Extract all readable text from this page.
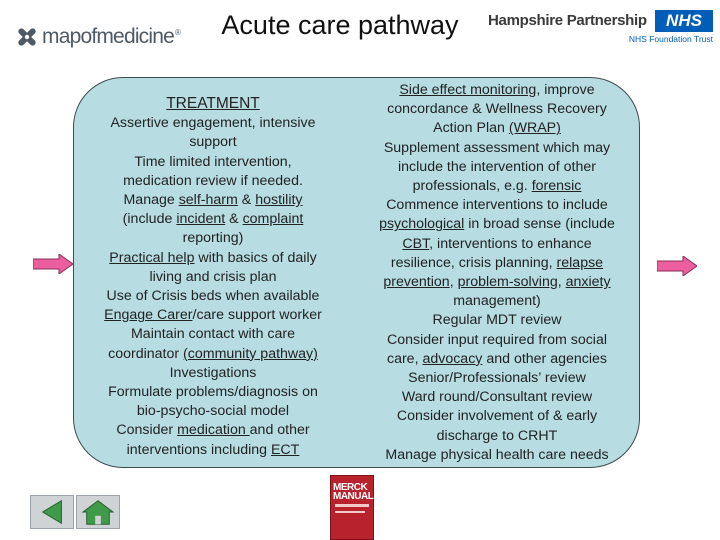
mapofmedicine®	Acute care pathway	Hampshire Partnership	NHS
NHS Foundation Trust
TREATMENT
Assertive engagement, intensive
support
Time limited intervention,
medication review if needed.
Manage self-harm & hostility
(include incident & complaint
reporting)
Practical help with basics of daily
living and crisis plan
Use of Crisis beds when available
Engage Carer/care support worker
Maintain contact with care
coordinator (community pathway)
Investigations
Formulate problems/diagnosis on
bio-psycho-social model
Consider medication and other
interventions including ECT
Side effect monitoring, improve
concordance & Wellness Recovery
Action Plan (WRAP)
Supplement assessment which may
include the intervention of other
professionals, e.g. forensic
Commence interventions to include
psychological in broad sense (include
CBT, interventions to enhance
resilience, crisis planning, relapse
prevention, problem-solving, anxiety
management)
Regular MDT review
Consider input required from social
care, advocacy and other agencies
Senior/Professionals’ review
Ward round/Consultant review
Consider involvement of & early
discharge to CRHT
Manage physical health care needs
MERCK
MANUAL
